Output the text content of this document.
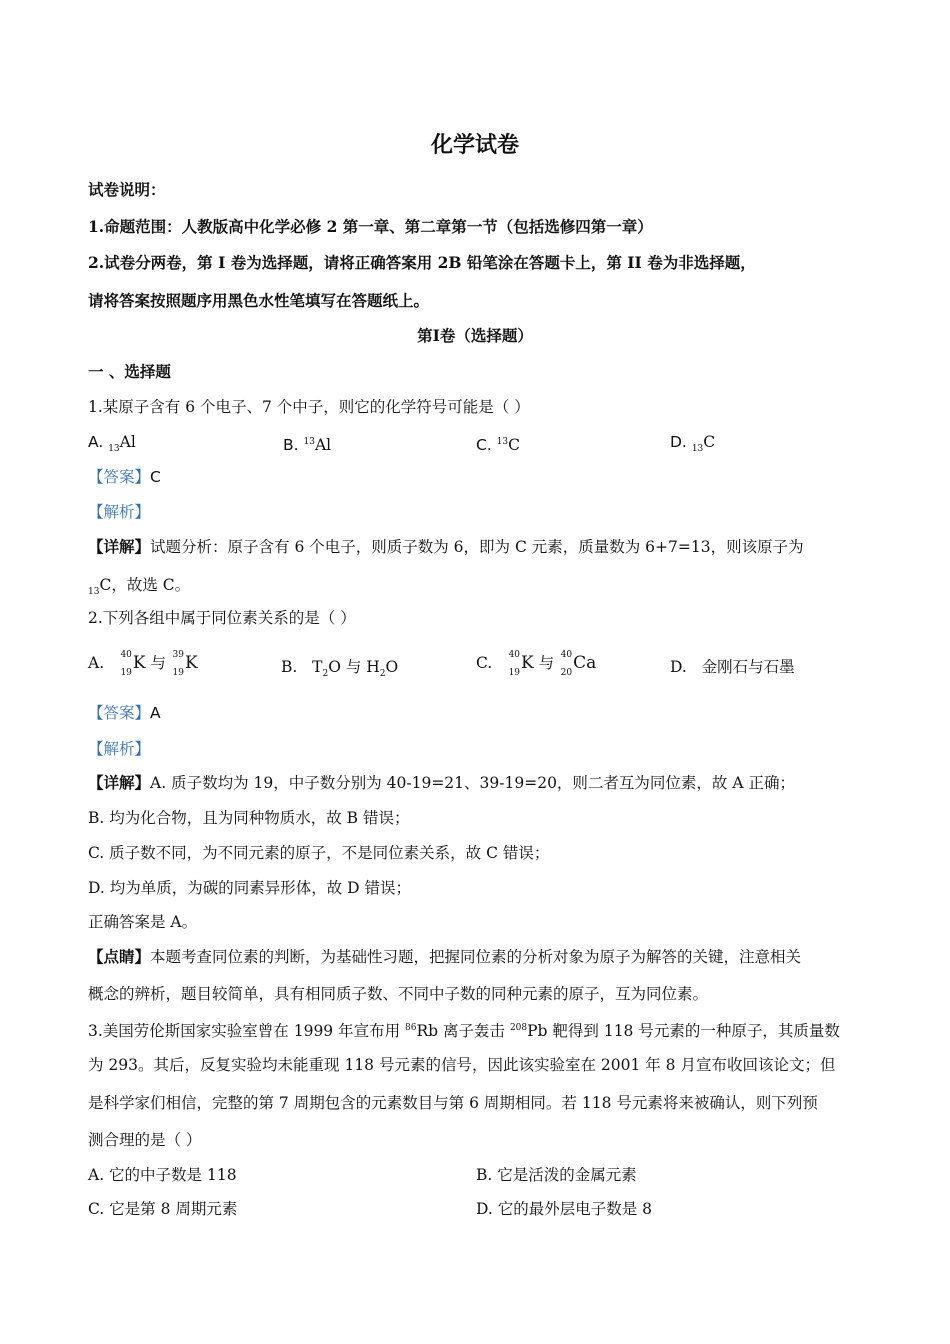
化学试卷
试卷说明：
1.命题范围：人教版高中化学必修 2 第一章、第二章第一节（包括选修四第一章）
2.试卷分两卷，第 I 卷为选择题，请将正确答案用 2B 铅笔涂在答题卡上，第 II 卷为非选择题，
请将答案按照题序用黑色水性笔填写在答题纸上。
第Ⅰ卷（选择题）
一 、选择题
1.某原子含有 6 个电子、7 个中子，则它的化学符号可能是（ ）
A. $_{13}$Al	B. $^{13}$Al	C. $^{13}$C	D. $_{13}$C
【答案】C
【解析】
【详解】试题分析：原子含有 6 个电子，则质子数为 6，即为 C 元素，质量数为 6+7=13，则该原子为
$_{13}$C，故选 C。
2.下列各组中属于同位素关系的是（ ）
A. 40
19 K 与 39
19 K	B. $T_2O$ 与 $H_2O$	C. 40
19 K 与 40
20 Ca	D. 金刚石与石墨
【答案】A
【解析】
【详解】A. 质子数均为 19，中子数分别为 40-19=21、39-19=20，则二者互为同位素，故 A 正确；
B. 均为化合物，且为同种物质水，故 B 错误；
C. 质子数不同，为不同元素的原子，不是同位素关系，故 C 错误；
D. 均为单质，为碳的同素异形体，故 D 错误；
正确答案是 A。
【点睛】本题考查同位素的判断，为基础性习题，把握同位素的分析对象为原子为解答的关键，注意相关
概念的辨析，题目较简单，具有相同质子数、不同中子数的同种元素的原子，互为同位素。
3.美国劳伦斯国家实验室曾在 1999 年宣布用 $^{86}$Rb 离子轰击 $^{208}$Pb 靶得到 118 号元素的一种原子，其质量数
为 293。其后，反复实验均未能重现 118 号元素的信号，因此该实验室在 2001 年 8 月宣布收回该论文；但
是科学家们相信，完整的第 7 周期包含的元素数目与第 6 周期相同。若 118 号元素将来被确认，则下列预
测合理的是（ ）
A. 它的中子数是 118	B. 它是活泼的金属元素
C. 它是第 8 周期元素	D. 它的最外层电子数是 8
